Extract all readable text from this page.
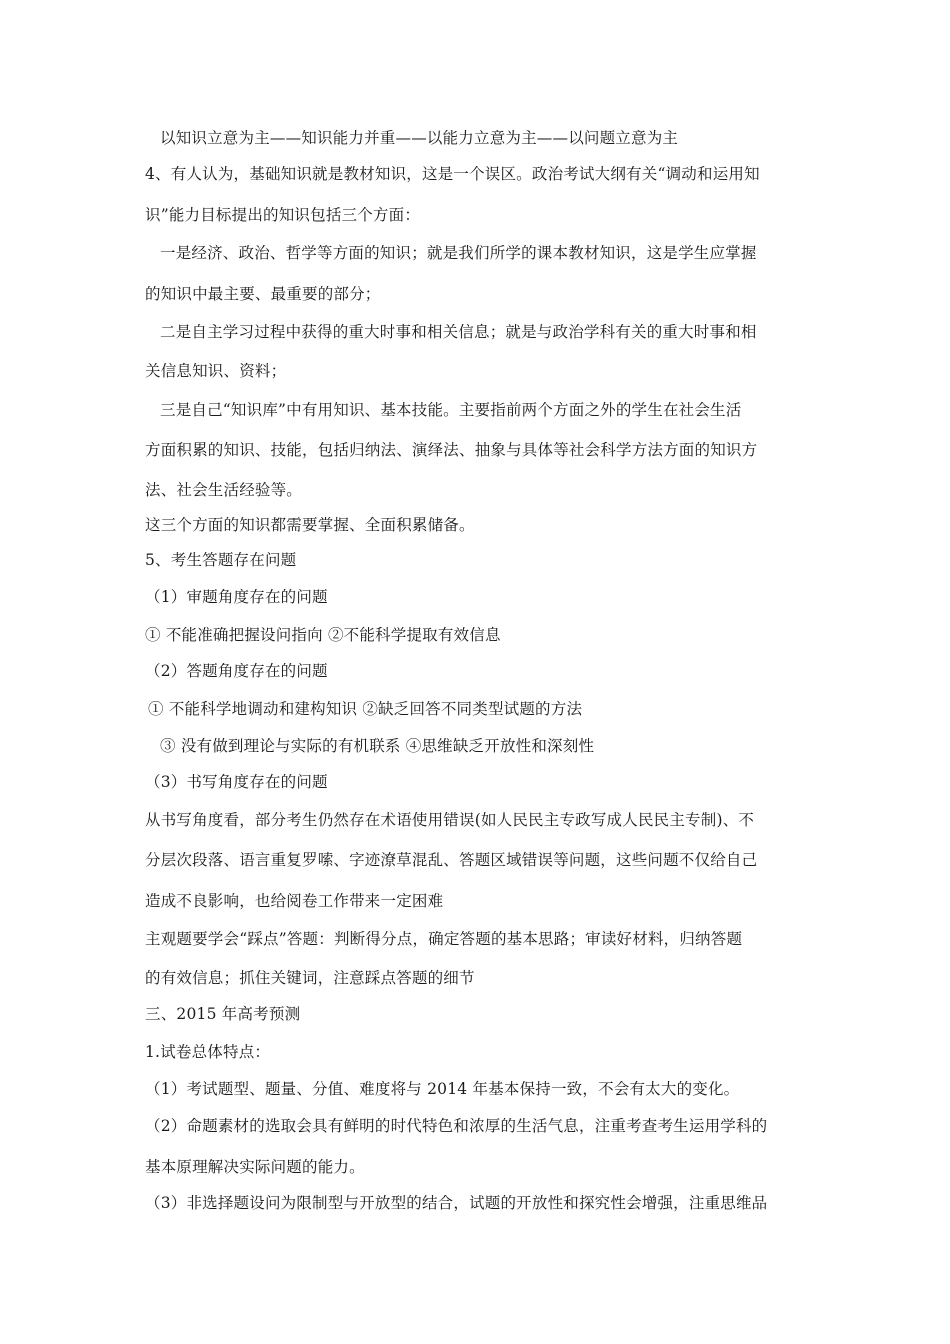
以知识立意为主——知识能力并重——以能力立意为主——以问题立意为主
4、有人认为，基础知识就是教材知识，这是一个误区。政治考试大纲有关“调动和运用知
识”能力目标提出的知识包括三个方面：
一是经济、政治、哲学等方面的知识；就是我们所学的课本教材知识，这是学生应掌握
的知识中最主要、最重要的部分；
二是自主学习过程中获得的重大时事和相关信息；就是与政治学科有关的重大时事和相
关信息知识、资料；
三是自己“知识库”中有用知识、基本技能。主要指前两个方面之外的学生在社会生活
方面积累的知识、技能，包括归纳法、演绎法、抽象与具体等社会科学方法方面的知识方
法、社会生活经验等。
这三个方面的知识都需要掌握、全面积累储备。
5、考生答题存在问题
（1）审题角度存在的问题
① 不能准确把握设问指向 ②不能科学提取有效信息
（2）答题角度存在的问题
① 不能科学地调动和建构知识 ②缺乏回答不同类型试题的方法
③ 没有做到理论与实际的有机联系 ④思维缺乏开放性和深刻性
（3）书写角度存在的问题
从书写角度看，部分考生仍然存在术语使用错误(如人民民主专政写成人民民主专制)、不
分层次段落、语言重复罗嗦、字迹潦草混乱、答题区域错误等问题，这些问题不仅给自己
造成不良影响，也给阅卷工作带来一定困难
主观题要学会“踩点”答题：判断得分点，确定答题的基本思路；审读好材料，归纳答题
的有效信息；抓住关键词，注意踩点答题的细节
三、2015 年高考预测
1.试卷总体特点：
（1）考试题型、题量、分值、难度将与 2014 年基本保持一致，不会有太大的变化。
（2）命题素材的选取会具有鲜明的时代特色和浓厚的生活气息，注重考查考生运用学科的
基本原理解决实际问题的能力。
（3）非选择题设问为限制型与开放型的结合，试题的开放性和探究性会增强，注重思维品
